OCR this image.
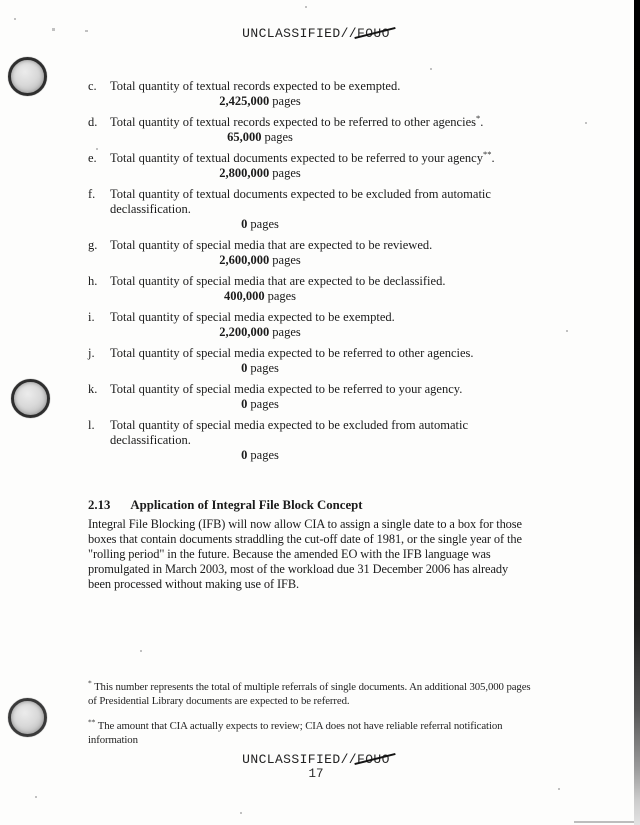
UNCLASSIFIED//FOUO
c. Total quantity of textual records expected to be exempted.
2,425,000 pages
d. Total quantity of textual records expected to be referred to other agencies*.
65,000 pages
e. Total quantity of textual documents expected to be referred to your agency**.
2,800,000 pages
f. Total quantity of textual documents expected to be excluded from automatic
declassification.
0 pages
g. Total quantity of special media that are expected to be reviewed.
2,600,000 pages
h. Total quantity of special media that are expected to be declassified.
400,000 pages
i. Total quantity of special media expected to be exempted.
2,200,000 pages
j. Total quantity of special media expected to be referred to other agencies.
0 pages
k. Total quantity of special media expected to be referred to your agency.
0 pages
l. Total quantity of special media expected to be excluded from automatic
declassification.
0 pages
2.13 Application of Integral File Block Concept
Integral File Blocking (IFB) will now allow CIA to assign a single date to a box for those
boxes that contain documents straddling the cut-off date of 1981, or the single year of the
"rolling period" in the future. Because the amended EO with the IFB language was
promulgated in March 2003, most of the workload due 31 December 2006 has already
been processed without making use of IFB.
* This number represents the total of multiple referrals of single documents. An additional 305,000 pages
of Presidential Library documents are expected to be referred.
** The amount that CIA actually expects to review; CIA does not have reliable referral notification
information
UNCLASSIFIED//FOUO
17
